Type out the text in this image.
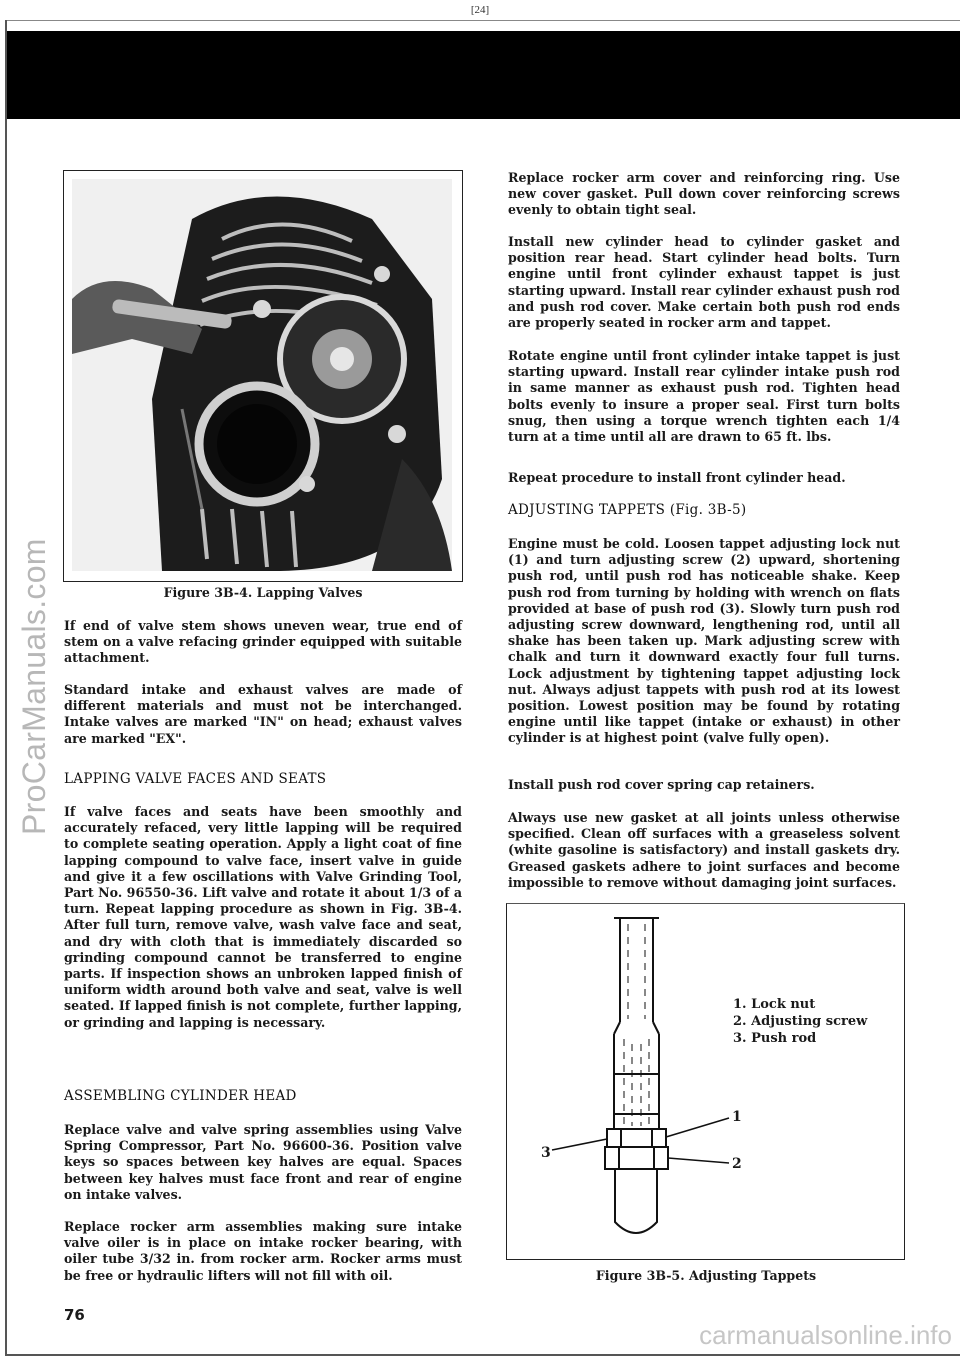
[24]
ProCarManuals.com	Figure 3B-4. Lapping Valves

If end of valve stem shows uneven wear, true end of stem on a valve refacing grinder equipped with suitable attachment.

Standard intake and exhaust valves are made of different materials and must not be interchanged. Intake valves are marked "IN" on head; exhaust valves are marked "EX".

LAPPING VALVE FACES AND SEATS

If valve faces and seats have been smoothly and accurately refaced, very little lapping will be required to complete seating operation. Apply a light coat of fine lapping compound to valve face, insert valve in guide and give it a few oscillations with Valve Grinding Tool, Part No. 96550-36. Lift valve and rotate it about 1/3 of a turn. Repeat lapping procedure as shown in Fig. 3B-4. After full turn, remove valve, wash valve face and seat, and dry with cloth that is immediately discarded so grinding compound cannot be transferred to engine parts. If inspection shows an unbroken lapped finish of uniform width around both valve and seat, valve is well seated. If lapped finish is not complete, further lapping, or grinding and lapping is necessary.

ASSEMBLING CYLINDER HEAD

Replace valve and valve spring assemblies using Valve Spring Compressor, Part No. 96600-36. Position valve keys so spaces between key halves are equal. Spaces between key halves must face front and rear of engine on intake valves.

Replace rocker arm assemblies making sure intake valve oiler is in place on intake rocker bearing, with oiler tube 3/32 in. from rocker arm. Rocker arms must be free or hydraulic lifters will not fill with oil.

76

Replace rocker arm cover and reinforcing ring. Use new cover gasket. Pull down cover reinforcing screws evenly to obtain tight seal.

Install new cylinder head to cylinder gasket and position rear head. Start cylinder head bolts. Turn engine until front cylinder exhaust tappet is just starting upward. Install rear cylinder exhaust push rod and push rod cover. Make certain both push rod ends are properly seated in rocker arm and tappet.

Rotate engine until front cylinder intake tappet is just starting upward. Install rear cylinder intake push rod in same manner as exhaust push rod. Tighten head bolts evenly to insure a proper seal. First turn bolts snug, then using a torque wrench tighten each 1/4 turn at a time until all are drawn to 65 ft. lbs.

Repeat procedure to install front cylinder head.

ADJUSTING TAPPETS (Fig. 3B-5)

Engine must be cold. Loosen tappet adjusting lock nut (1) and turn adjusting screw (2) upward, shortening push rod, until push rod has noticeable shake. Keep push rod from turning by holding with wrench on flats provided at base of push rod (3). Slowly turn push rod adjusting screw downward, lengthening rod, until all shake has been taken up. Mark adjusting screw with chalk and turn it downward exactly four full turns. Lock adjustment by tightening tappet adjusting lock nut. Always adjust tappets with push rod at its lowest position. Lowest position may be found by rotating engine until like tappet (intake or exhaust) in other cylinder is at highest point (valve fully open).

Install push rod cover spring cap retainers.

Always use new gasket at all joints unless otherwise specified. Clean off surfaces with a greaseless solvent (white gasoline is satisfactory) and install gaskets dry. Greased gaskets adhere to joint surfaces and become impossible to remove without damaging joint surfaces.

1. Lock nut
2. Adjusting screw
3. Push rod
1
2
3
Figure 3B-5. Adjusting Tappets
carmanualsonline.info
